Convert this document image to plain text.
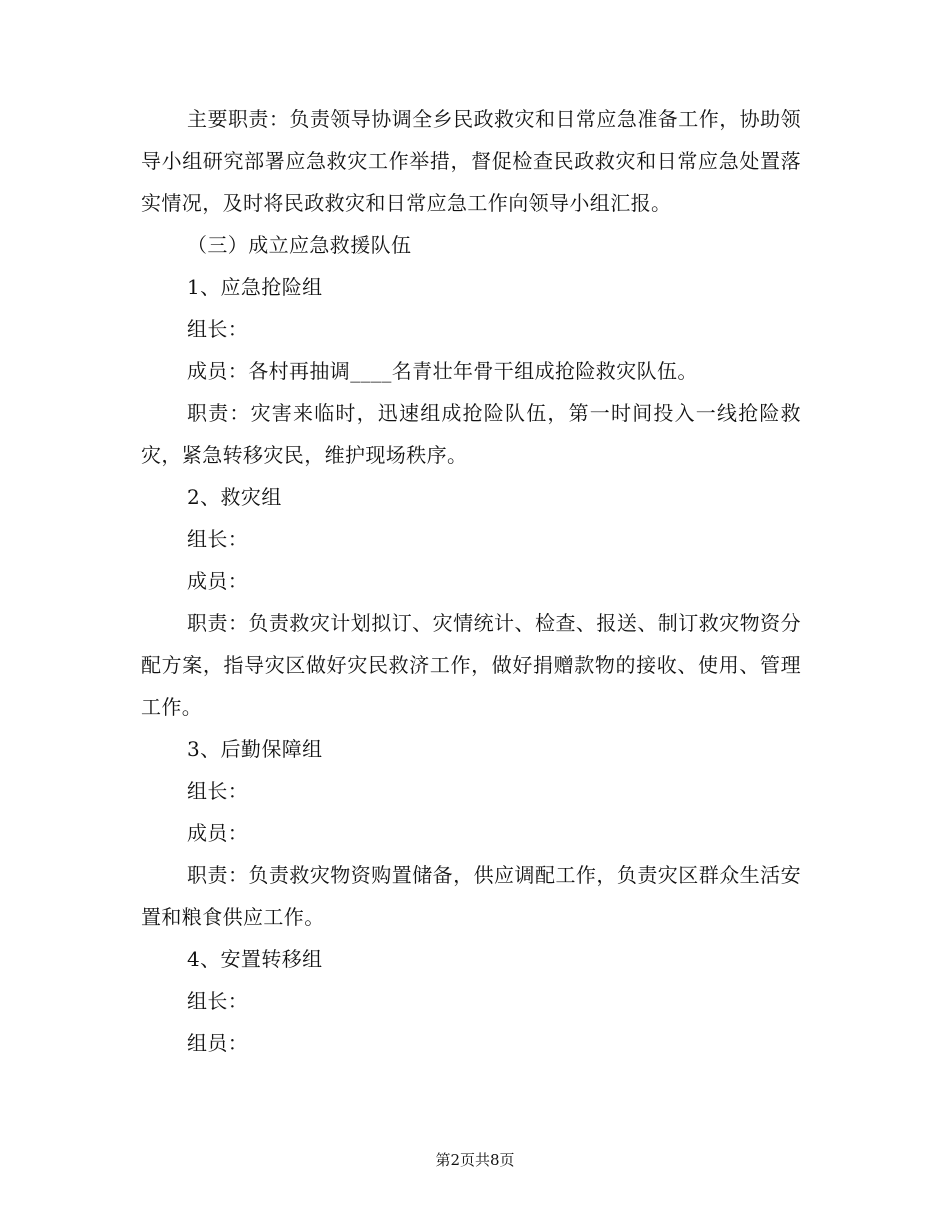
主要职责：负责领导协调全乡民政救灾和日常应急准备工作，协助领导小组研究部署应急救灾工作举措，督促检查民政救灾和日常应急处置落实情况，及时将民政救灾和日常应急工作向领导小组汇报。

（三）成立应急救援队伍

1、应急抢险组

组长：

成员：各村再抽调____名青壮年骨干组成抢险救灾队伍。

职责：灾害来临时，迅速组成抢险队伍，第一时间投入一线抢险救灾，紧急转移灾民，维护现场秩序。

2、救灾组

组长：

成员：

职责：负责救灾计划拟订、灾情统计、检查、报送、制订救灾物资分配方案，指导灾区做好灾民救济工作，做好捐赠款物的接收、使用、管理工作。

3、后勤保障组

组长：

成员：

职责：负责救灾物资购置储备，供应调配工作，负责灾区群众生活安置和粮食供应工作。

4、安置转移组

组长：

组员：

第2页共8页
